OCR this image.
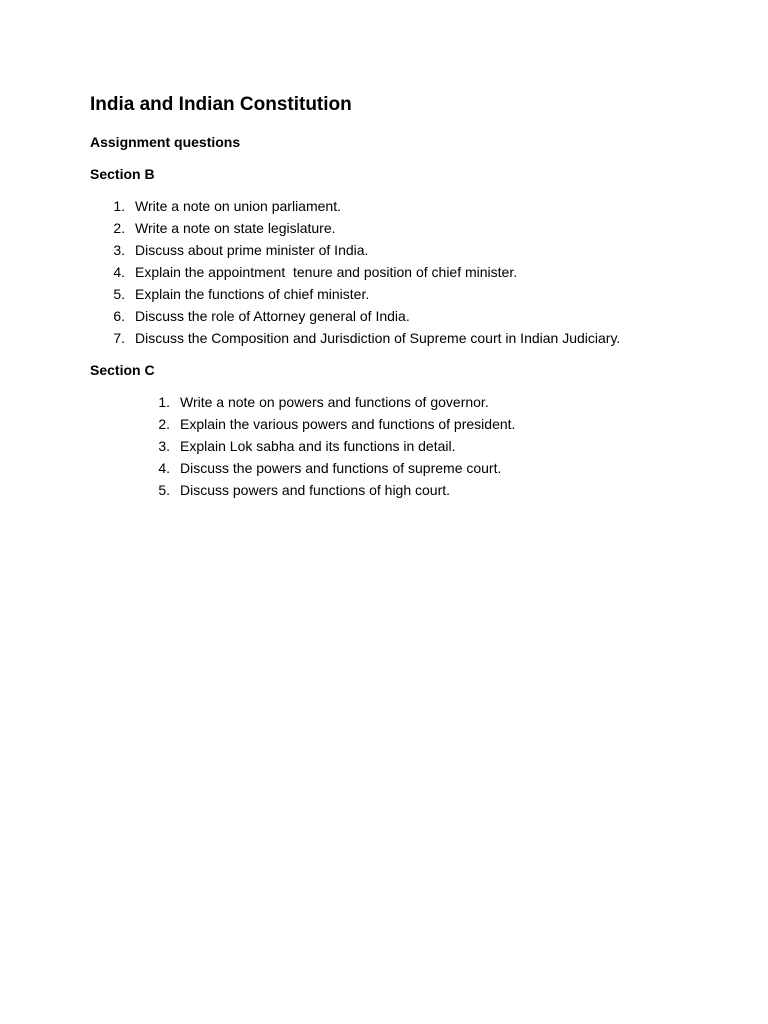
India and Indian Constitution

Assignment questions

Section B

1.

Write a note on union parliament.

2.

Write a note on state legislature.

3.

Discuss about prime minister of India.

4.

Explain the appointment  tenure and position of chief minister.

5.

Explain the functions of chief minister.

6.

Discuss the role of Attorney general of India.

7.

Discuss the Composition and Jurisdiction of Supreme court in Indian Judiciary.

Section C

1.

Write a note on powers and functions of governor.

2.

Explain the various powers and functions of president.

3.

Explain Lok sabha and its functions in detail.

4.

Discuss the powers and functions of supreme court.

5.

Discuss powers and functions of high court.
